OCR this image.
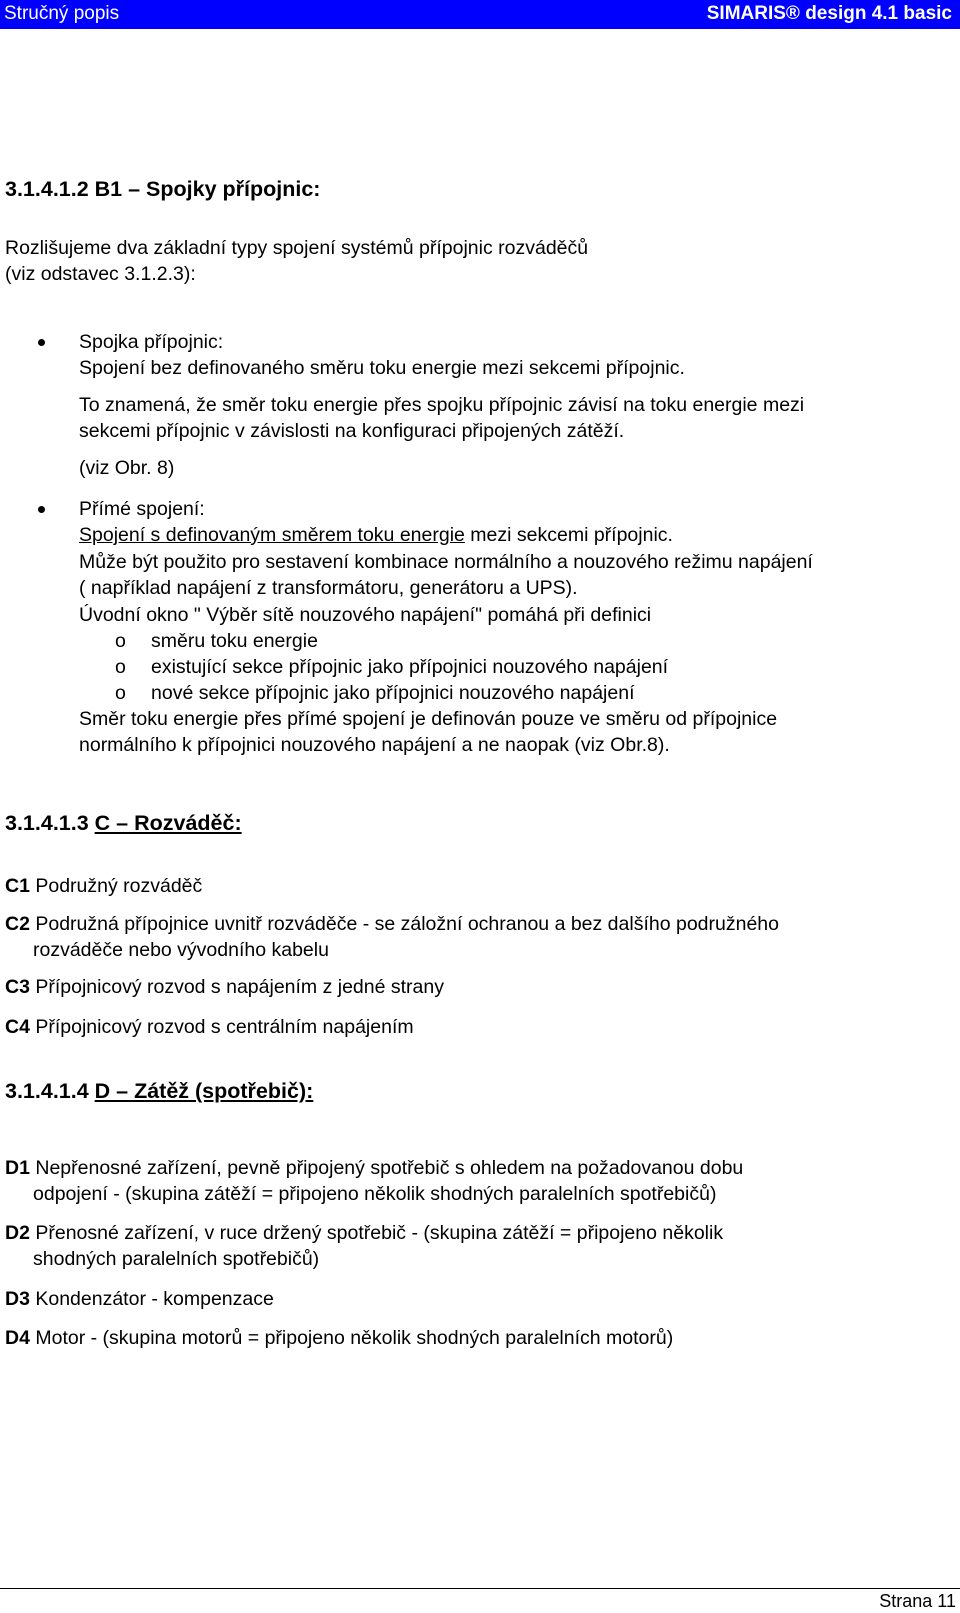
Stručný popis	SIMARIS® design 4.1 basic
3.1.4.1.2 B1 – Spojky přípojnic:
Rozlišujeme dva základní typy spojení systémů přípojnic rozváděčů
(viz odstavec 3.1.2.3):
Spojka přípojnic:
Spojení bez definovaného směru toku energie mezi sekcemi přípojnic.
To znamená, že směr toku energie přes spojku přípojnic závisí na toku energie mezi
sekcemi přípojnic v závislosti na konfiguraci připojených zátěží.
(viz Obr. 8)
Přímé spojení:
Spojení s definovaným směrem toku energie mezi sekcemi přípojnic.
Může být použito pro sestavení kombinace normálního a nouzového režimu napájení
( například napájení z transformátoru, generátoru a UPS).
Úvodní okno " Výběr sítě nouzového napájení" pomáhá při definici
o směru toku energie
o existující sekce přípojnic jako přípojnici nouzového napájení
o nové sekce přípojnic jako přípojnici nouzového napájení
Směr toku energie přes přímé spojení je definován pouze ve směru od přípojnice
normálního k přípojnici nouzového napájení a ne naopak (viz Obr.8).
3.1.4.1.3 C – Rozváděč:
C1 Podružný rozváděč
C2 Podružná přípojnice uvnitř rozváděče - se záložní ochranou a bez dalšího podružného
rozváděče nebo vývodního kabelu
C3 Přípojnicový rozvod s napájením z jedné strany
C4 Přípojnicový rozvod s centrálním napájením
3.1.4.1.4 D – Zátěž (spotřebič):
D1 Nepřenosné zařízení, pevně připojený spotřebič s ohledem na požadovanou dobu
odpojení - (skupina zátěží = připojeno několik shodných paralelních spotřebičů)
D2 Přenosné zařízení, v ruce držený spotřebič - (skupina zátěží = připojeno několik
shodných paralelních spotřebičů)
D3 Kondenzátor - kompenzace
D4 Motor - (skupina motorů = připojeno několik shodných paralelních motorů)
Strana 11
